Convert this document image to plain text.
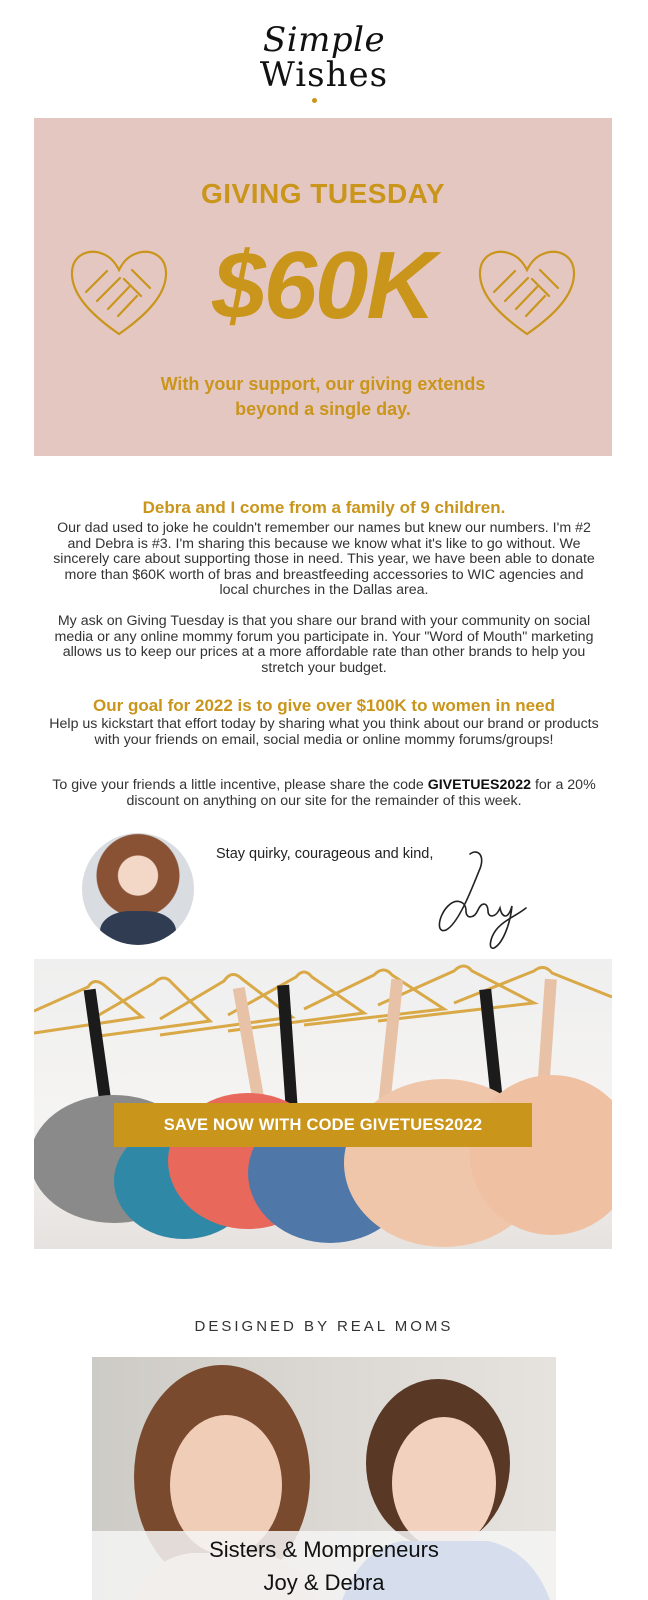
Simple
Wishes
GIVING TUESDAY
$60K
With your support, our giving extends
beyond a single day.
Debra and I come from a family of 9 children.

Our dad used to joke he couldn't remember our names but knew our numbers. I'm #2 and Debra is #3. I'm sharing this because we know what it's like to go without. We sincerely care about supporting those in need. This year, we have been able to donate more than $60K worth of bras and breastfeeding accessories to WIC agencies and local churches in the Dallas area.

My ask on Giving Tuesday is that you share our brand with your community on social media or any online mommy forum you participate in. Your "Word of Mouth" marketing allows us to keep our prices at a more affordable rate than other brands to help you stretch your budget.

Our goal for 2022 is to give over $100K to women in need

Help us kickstart that effort today by sharing what you think about our brand or products with your friends on email, social media or online mommy forums/groups!

To give your friends a little incentive, please share the code GIVETUES2022 for a 20% discount on anything on our site for the remainder of this week.

Stay quirky, courageous and kind,
SAVE NOW WITH CODE GIVETUES2022
DESIGNED BY REAL MOMS
Sisters & Mompreneurs
Joy & Debra
